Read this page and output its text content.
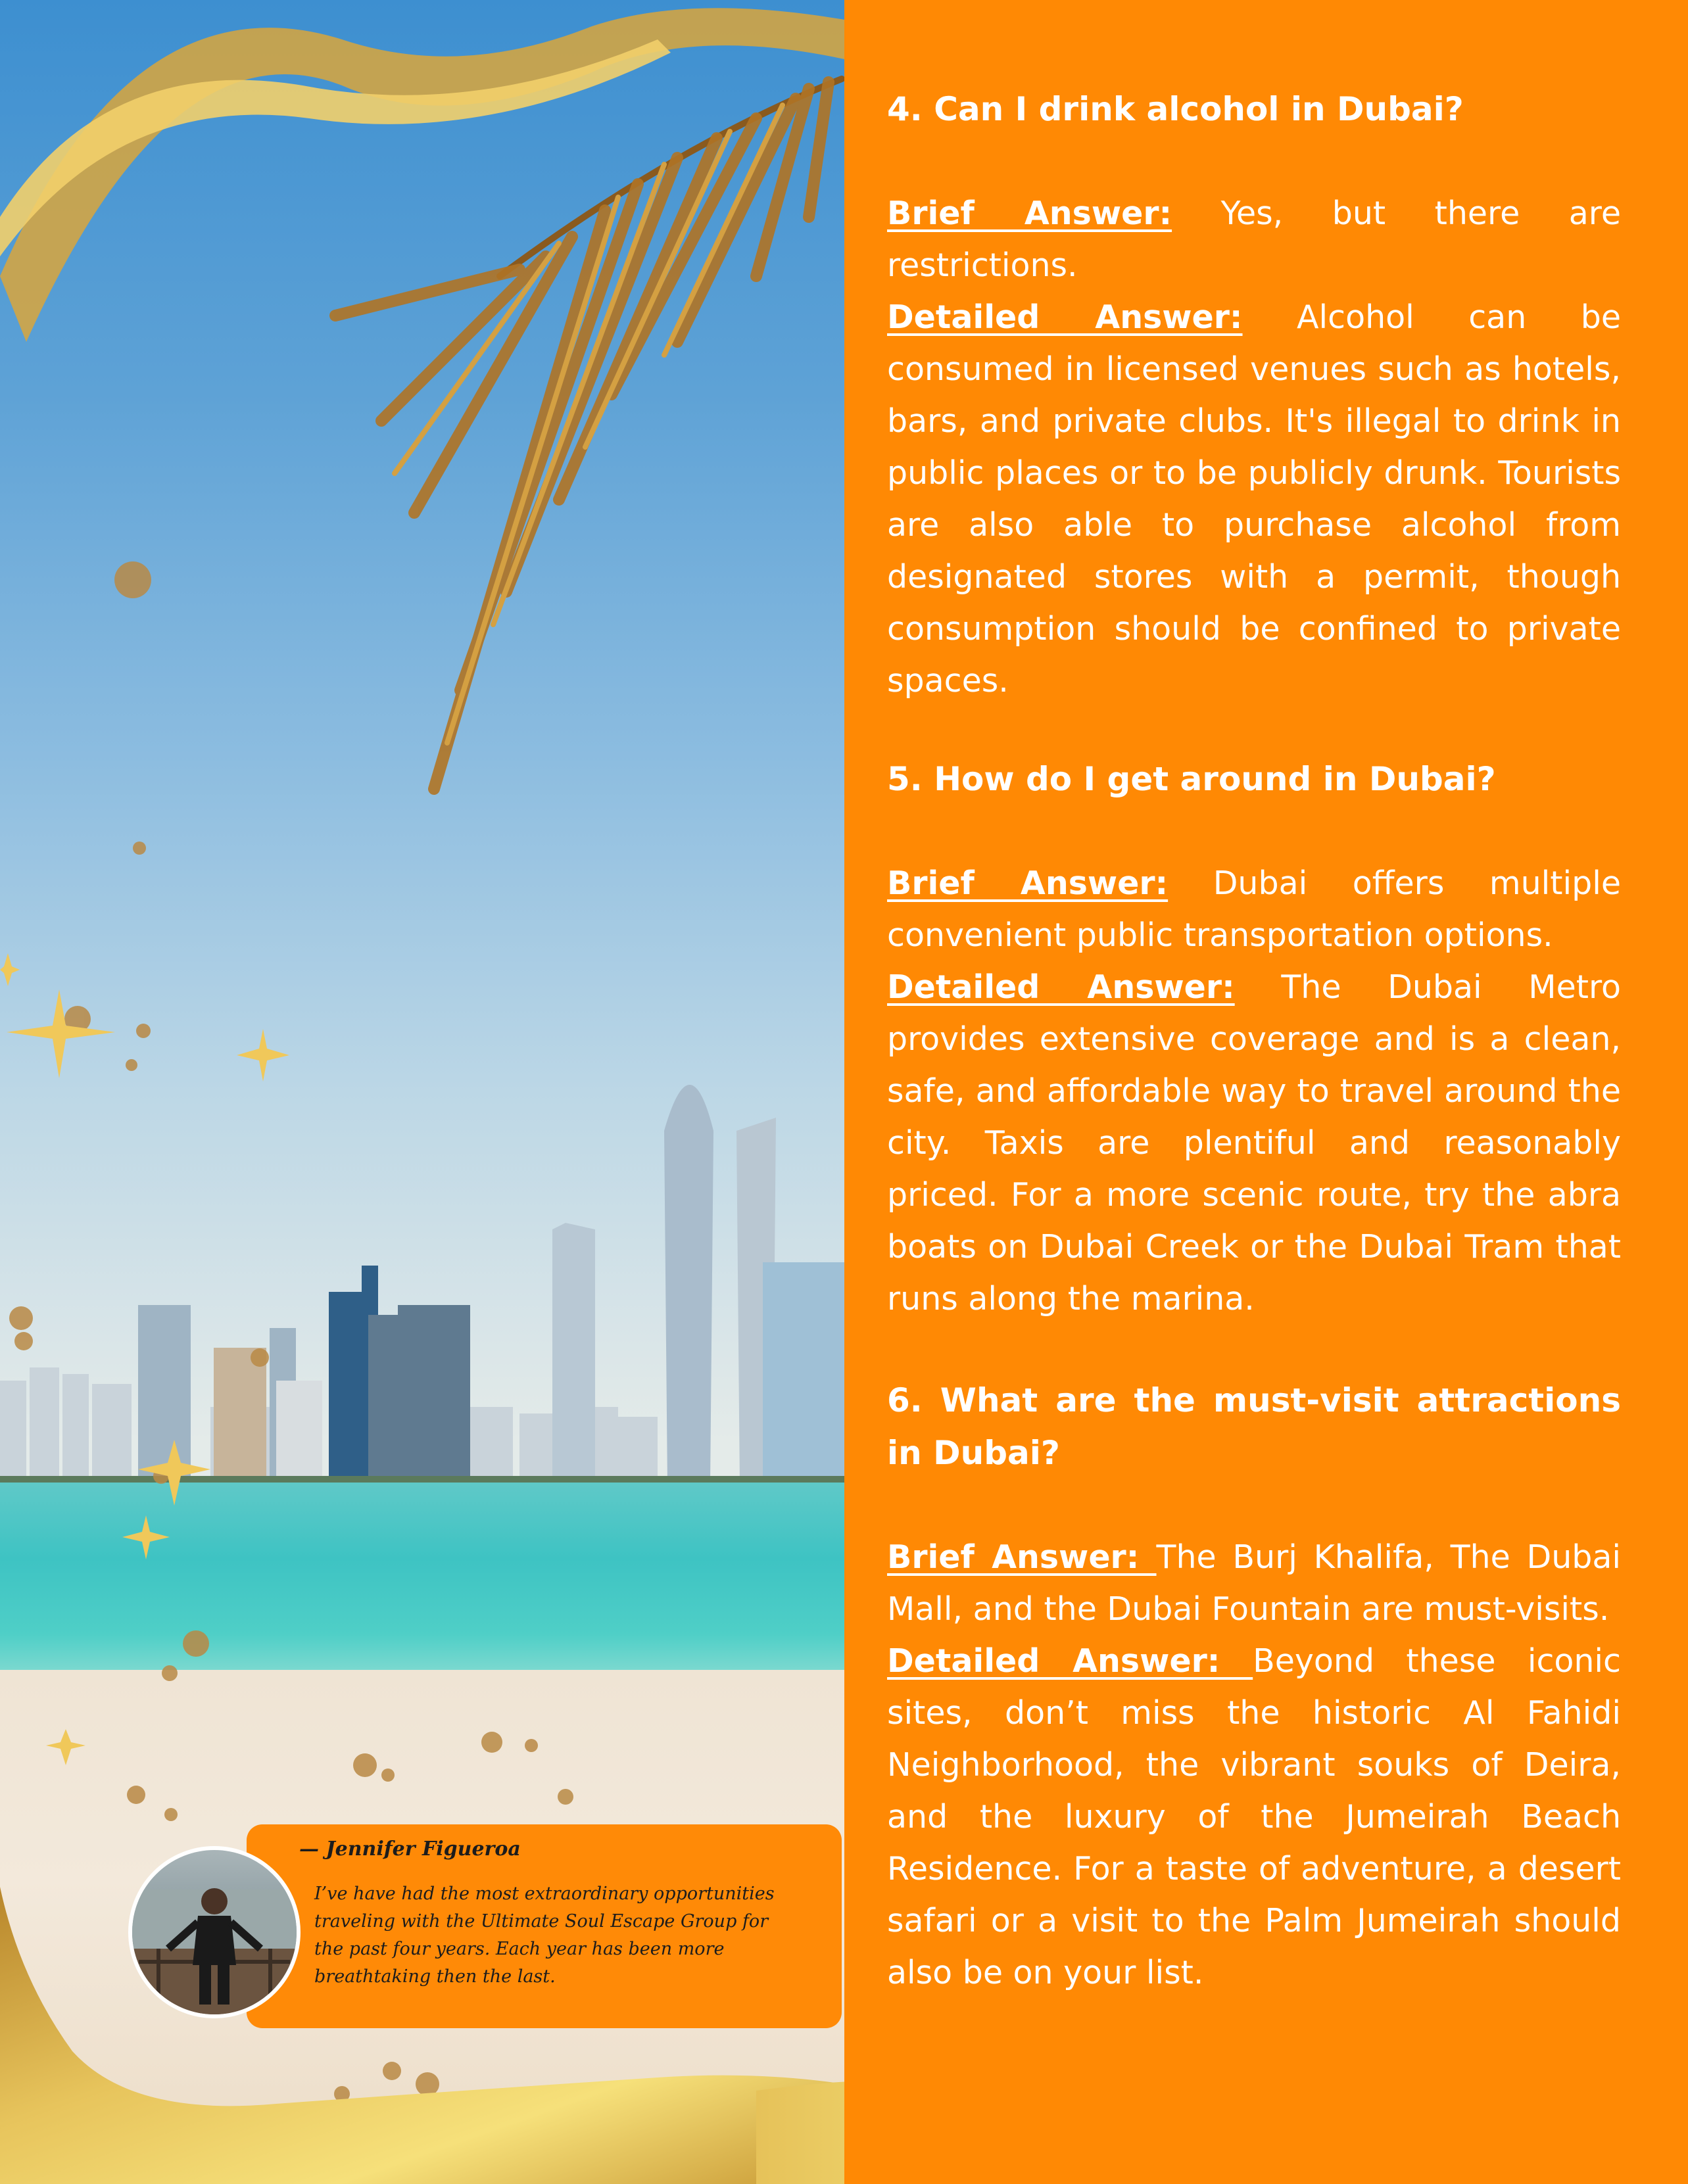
4. Can I drink alcohol in Dubai?

Brief Answer: Yes, but there are restrictions.

Detailed Answer: Alcohol can be consumed in licensed venues such as hotels, bars, and private clubs. It's illegal to drink in public places or to be publicly drunk. Tourists are also able to purchase alcohol from designated stores with a permit, though consumption should be confined to private spaces.

5. How do I get around in Dubai?

Brief Answer: Dubai offers multiple convenient public transportation options.

Detailed Answer: The Dubai Metro provides extensive coverage and is a clean, safe, and affordable way to travel around the city. Taxis are plentiful and reasonably priced. For a more scenic route, try the abra boats on Dubai Creek or the Dubai Tram that runs along the marina.

6. What are the must-visit attractions in Dubai?

Brief Answer: The Burj Khalifa, The Dubai Mall, and the Dubai Fountain are must-visits.

Detailed Answer: Beyond these iconic sites, don’t miss the historic Al Fahidi Neighborhood, the vibrant souks of Deira, and the luxury of the Jumeirah Beach Residence. For a taste of adventure, a desert safari or a visit to the Palm Jumeirah should also be on your list.

— Jennifer Figueroa
I’ve have had the most extraordinary opportunities traveling with the Ultimate Soul Escape Group for the past four years. Each year has been more breathtaking then the last.
